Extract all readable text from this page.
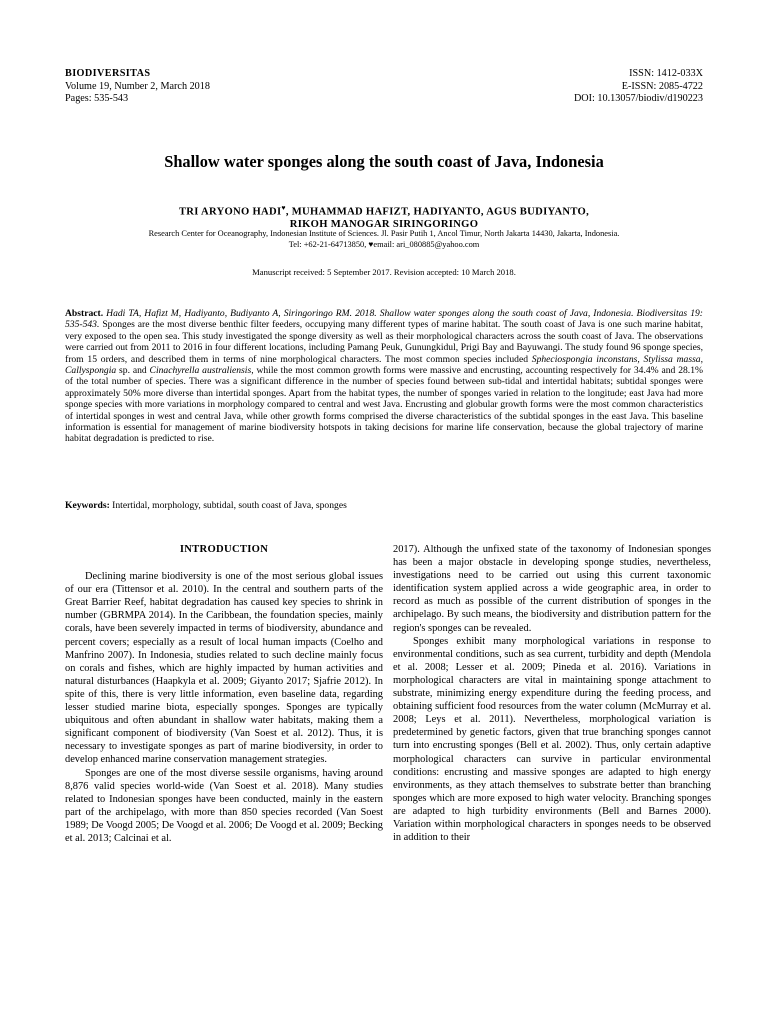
BIODIVERSITAS
Volume 19, Number 2, March 2018
Pages: 535-543
ISSN: 1412-033X
E-ISSN: 2085-4722
DOI: 10.13057/biodiv/d190223
Shallow water sponges along the south coast of Java, Indonesia
TRI ARYONO HADI♥, MUHAMMAD HAFIZT, HADIYANTO, AGUS BUDIYANTO,
RIKOH MANOGAR SIRINGORINGO
Research Center for Oceanography, Indonesian Institute of Sciences. Jl. Pasir Putih 1, Ancol Timur, North Jakarta 14430, Jakarta, Indonesia.
Tel: +62-21-64713850, ♥email: ari_080885@yahoo.com
Manuscript received: 5 September 2017. Revision accepted: 10 March 2018.
Abstract. Hadi TA, Hafizt M, Hadiyanto, Budiyanto A, Siringoringo RM. 2018. Shallow water sponges along the south coast of Java, Indonesia. Biodiversitas 19: 535-543. Sponges are the most diverse benthic filter feeders, occupying many different types of marine habitat. The south coast of Java is one such marine habitat, very exposed to the open sea. This study investigated the sponge diversity as well as their morphological characters across the south coast of Java. The observations were carried out from 2011 to 2016 in four different locations, including Pamang Peuk, Gunungkidul, Prigi Bay and Bayuwangi. The study found 96 sponge species, from 15 orders, and described them in terms of nine morphological characters. The most common species included Spheciospongia inconstans, Stylissa massa, Callyspongia sp. and Cinachyrella australiensis, while the most common growth forms were massive and encrusting, accounting respectively for 34.4% and 28.1% of the total number of species. There was a significant difference in the number of species found between sub-tidal and intertidal habitats; subtidal sponges were approximately 50% more diverse than intertidal sponges. Apart from the habitat types, the number of sponges varied in relation to the longitude; east Java had more sponge species with more variations in morphology compared to central and west Java. Encrusting and globular growth forms were the most common characteristics of intertidal sponges in west and central Java, while other growth forms comprised the diverse characteristics of the subtidal sponges in the east Java. This baseline information is essential for management of marine biodiversity hotspots in taking decisions for marine life conservation, because the global trajectory of marine habitat degradation is predicted to rise.
Keywords: Intertidal, morphology, subtidal, south coast of Java, sponges
INTRODUCTION

Declining marine biodiversity is one of the most serious global issues of our era (Tittensor et al. 2010). In the central and southern parts of the Great Barrier Reef, habitat degradation has caused key species to shrink in number (GBRMPA 2014). In the Caribbean, the foundation species, mainly corals, have been severely impacted in terms of biodiversity, abundance and percent covers; especially as a result of local human impacts (Coelho and Manfrino 2007). In Indonesia, studies related to such decline mainly focus on corals and fishes, which are highly impacted by human activities and natural disturbances (Haapkyla et al. 2009; Giyanto 2017; Sjafrie 2012). In spite of this, there is very little information, even baseline data, regarding lesser studied marine biota, especially sponges. Sponges are typically ubiquitous and often abundant in shallow water habitats, making them a significant component of biodiversity (Van Soest et al. 2012). Thus, it is necessary to investigate sponges as part of marine biodiversity, in order to develop enhanced marine conservation management strategies.

Sponges are one of the most diverse sessile organisms, having around 8,876 valid species world-wide (Van Soest et al. 2018). Many studies related to Indonesian sponges have been conducted, mainly in the eastern part of the archipelago, with more than 850 species recorded (Van Soest 1989; De Voogd 2005; De Voogd et al. 2006; De Voogd et al. 2009; Becking et al. 2013; Calcinai et al.

2017). Although the unfixed state of the taxonomy of Indonesian sponges has been a major obstacle in developing sponge studies, nevertheless, investigations need to be carried out using this current taxonomic identification system applied across a wide geographic area, in order to record as much as possible of the current distribution of sponges in the archipelago. By such means, the biodiversity and distribution pattern for the region's sponges can be revealed.

Sponges exhibit many morphological variations in response to environmental conditions, such as sea current, turbidity and depth (Mendola et al. 2008; Lesser et al. 2009; Pineda et al. 2016). Variations in morphological characters are vital in maintaining sponge attachment to substrate, minimizing energy expenditure during the feeding process, and obtaining sufficient food resources from the water column (McMurray et al. 2008; Leys et al. 2011). Nevertheless, morphological variation is predetermined by genetic factors, given that true branching sponges cannot turn into encrusting sponges (Bell et al. 2002). Thus, only certain adaptive morphological characters can survive in particular environmental conditions: encrusting and massive sponges are adapted to high energy environments, as they attach themselves to substrate better than branching sponges which are more exposed to high water velocity. Branching sponges are adapted to high turbidity environments (Bell and Barnes 2000). Variation within morphological characters in sponges needs to be observed in addition to their
